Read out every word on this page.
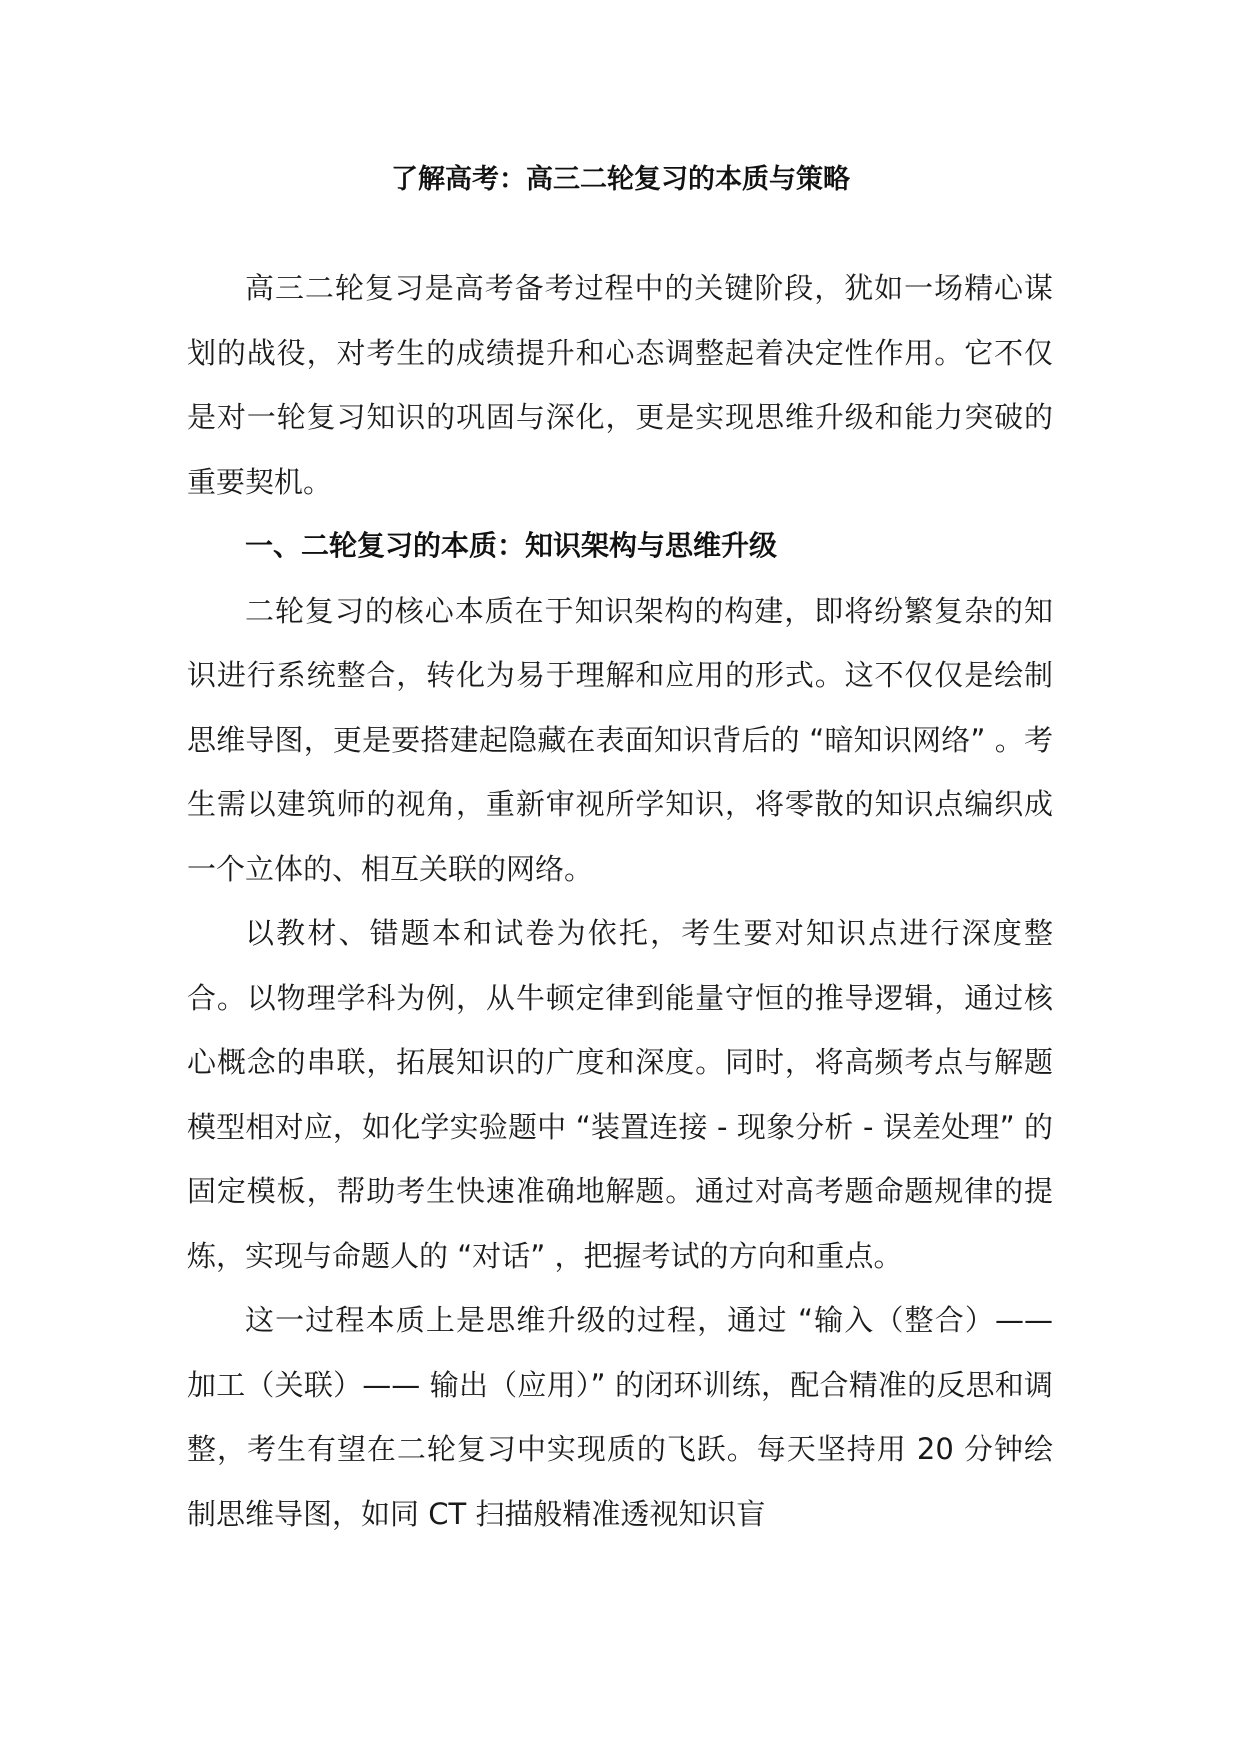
了解高考：高三二轮复习的本质与策略

高三二轮复习是高考备考过程中的关键阶段，犹如一场精心谋划的战役，对考生的成绩提升和心态调整起着决定性作用。它不仅是对一轮复习知识的巩固与深化，更是实现思维升级和能力突破的重要契机。

一、二轮复习的本质：知识架构与思维升级

二轮复习的核心本质在于知识架构的构建，即将纷繁复杂的知识进行系统整合，转化为易于理解和应用的形式。这不仅仅是绘制思维导图，更是要搭建起隐藏在表面知识背后的 “暗知识网络” 。考生需以建筑师的视角，重新审视所学知识，将零散的知识点编织成一个立体的、相互关联的网络。

以教材、错题本和试卷为依托，考生要对知识点进行深度整合。以物理学科为例，从牛顿定律到能量守恒的推导逻辑，通过核心概念的串联，拓展知识的广度和深度。同时，将高频考点与解题模型相对应，如化学实验题中 “装置连接 - 现象分析 - 误差处理” 的固定模板，帮助考生快速准确地解题。通过对高考题命题规律的提炼，实现与命题人的 “对话” ，把握考试的方向和重点。

这一过程本质上是思维升级的过程，通过 “输入（整合）—— 加工（关联）—— 输出（应用）” 的闭环训练，配合精准的反思和调整，考生有望在二轮复习中实现质的飞跃。每天坚持用 20 分钟绘制思维导图，如同 CT 扫描般精准透视知识盲
